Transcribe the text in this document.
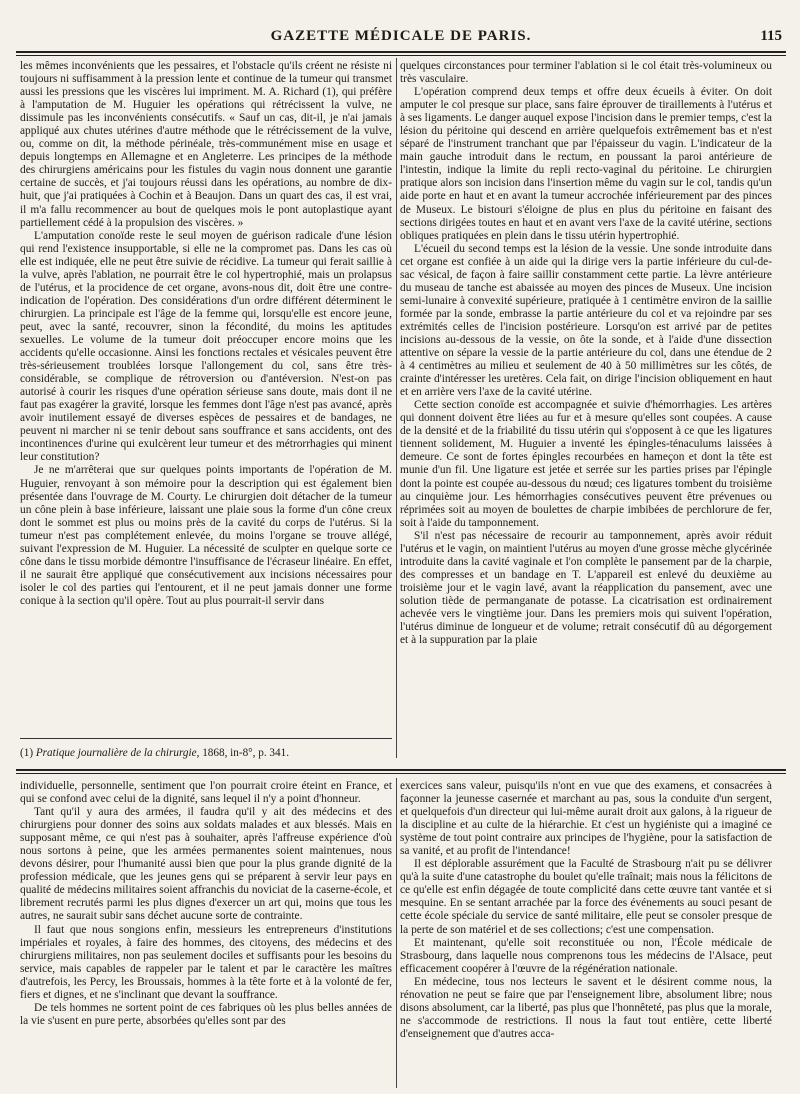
GAZETTE MÉDICALE DE PARIS.	115

les mêmes inconvénients que les pessaires, et l'obstacle qu'ils créent ne résiste ni toujours ni suffisamment à la pression lente et continue de la tumeur qui transmet aussi les pressions que les viscères lui impriment. M. A. Richard (1), qui préfère à l'amputation de M. Huguier les opérations qui rétrécissent la vulve, ne dissimule pas les inconvénients consécutifs. « Sauf un cas, dit-il, je n'ai jamais appliqué aux chutes utérines d'autre méthode que le rétrécissement de la vulve, ou, comme on dit, la méthode périnéale, très-communément mise en usage et depuis longtemps en Allemagne et en Angleterre. Les principes de la méthode des chirurgiens américains pour les fistules du vagin nous donnent une garantie certaine de succès, et j'ai toujours réussi dans les opérations, au nombre de dix-huit, que j'ai pratiquées à Cochin et à Beaujon. Dans un quart des cas, il est vrai, il m'a fallu recommencer au bout de quelques mois le pont autoplastique ayant partiellement cédé à la propulsion des viscères. »

L'amputation conoïde reste le seul moyen de guérison radicale d'une lésion qui rend l'existence insupportable, si elle ne la compromet pas. Dans les cas où elle est indiquée, elle ne peut être suivie de récidive. La tumeur qui ferait saillie à la vulve, après l'ablation, ne pourrait être le col hypertrophié, mais un prolapsus de l'utérus, et la procidence de cet organe, avons-nous dit, doit être une contre-indication de l'opération. Des considérations d'un ordre différent déterminent le chirurgien. La principale est l'âge de la femme qui, lorsqu'elle est encore jeune, peut, avec la santé, recouvrer, sinon la fécondité, du moins les aptitudes sexuelles. Le volume de la tumeur doit préoccuper encore moins que les accidents qu'elle occasionne. Ainsi les fonctions rectales et vésicales peuvent être très-sérieusement troublées lorsque l'allongement du col, sans être très-considérable, se complique de rétroversion ou d'antéversion. N'est-on pas autorisé à courir les risques d'une opération sérieuse sans doute, mais dont il ne faut pas exagérer la gravité, lorsque les femmes dont l'âge n'est pas avancé, après avoir inutilement essayé de diverses espèces de pessaires et de bandages, ne peuvent ni marcher ni se tenir debout sans souffrance et sans accidents, ont des incontinences d'urine qui exulcèrent leur tumeur et des métrorrhagies qui minent leur constitution?

Je ne m'arrêterai que sur quelques points importants de l'opération de M. Huguier, renvoyant à son mémoire pour la description qui est également bien présentée dans l'ouvrage de M. Courty. Le chirurgien doit détacher de la tumeur un cône plein à base inférieure, laissant une plaie sous la forme d'un cône creux dont le sommet est plus ou moins près de la cavité du corps de l'utérus. Si la tumeur n'est pas complétement enlevée, du moins l'organe se trouve allégé, suivant l'expression de M. Huguier. La nécessité de sculpter en quelque sorte ce cône dans le tissu morbide démontre l'insuffisance de l'écraseur linéaire. En effet, il ne saurait être appliqué que consécutivement aux incisions nécessaires pour isoler le col des parties qui l'entourent, et il ne peut jamais donner une forme conique à la section qu'il opère. Tout au plus pourrait-il servir dans

quelques circonstances pour terminer l'ablation si le col était très-volumineux ou très vasculaire.

L'opération comprend deux temps et offre deux écueils à éviter. On doit amputer le col presque sur place, sans faire éprouver de tiraillements à l'utérus et à ses ligaments. Le danger auquel expose l'incision dans le premier temps, c'est la lésion du péritoine qui descend en arrière quelquefois extrêmement bas et n'est séparé de l'instrument tranchant que par l'épaisseur du vagin. L'indicateur de la main gauche introduit dans le rectum, en poussant la paroi antérieure de l'intestin, indique la limite du repli recto-vaginal du péritoine. Le chirurgien pratique alors son incision dans l'insertion même du vagin sur le col, tandis qu'un aide porte en haut et en avant la tumeur accrochée inférieurement par des pinces de Museux. Le bistouri s'éloigne de plus en plus du péritoine en faisant des sections dirigées toutes en haut et en avant vers l'axe de la cavité utérine, sections obliques pratiquées en plein dans le tissu utérin hypertrophié.

L'écueil du second temps est la lésion de la vessie. Une sonde introduite dans cet organe est confiée à un aide qui la dirige vers la partie inférieure du cul-de-sac vésical, de façon à faire saillir constamment cette partie. La lèvre antérieure du museau de tanche est abaissée au moyen des pinces de Museux. Une incision semi-lunaire à convexité supérieure, pratiquée à 1 centimètre environ de la saillie formée par la sonde, embrasse la partie antérieure du col et va rejoindre par ses extrémités celles de l'incision postérieure. Lorsqu'on est arrivé par de petites incisions au-dessous de la vessie, on ôte la sonde, et à l'aide d'une dissection attentive on sépare la vessie de la partie antérieure du col, dans une étendue de 2 à 4 centimètres au milieu et seulement de 40 à 50 millimètres sur les côtés, de crainte d'intéresser les uretères. Cela fait, on dirige l'incision obliquement en haut et en arrière vers l'axe de la cavité utérine.

Cette section conoïde est accompagnée et suivie d'hémorrhagies. Les artères qui donnent doivent être liées au fur et à mesure qu'elles sont coupées. A cause de la densité et de la friabilité du tissu utérin qui s'opposent à ce que les ligatures tiennent solidement, M. Huguier a inventé les épingles-ténaculums laissées à demeure. Ce sont de fortes épingles recourbées en hameçon et dont la tête est munie d'un fil. Une ligature est jetée et serrée sur les parties prises par l'épingle dont la pointe est coupée au-dessous du nœud; ces ligatures tombent du troisième au cinquième jour. Les hémorrhagies consécutives peuvent être prévenues ou réprimées soit au moyen de boulettes de charpie imbibées de perchlorure de fer, soit à l'aide du tamponnement.

S'il n'est pas nécessaire de recourir au tamponnement, après avoir réduit l'utérus et le vagin, on maintient l'utérus au moyen d'une grosse mèche glycérinée introduite dans la cavité vaginale et l'on complète le pansement par de la charpie, des compresses et un bandage en T. L'appareil est enlevé du deuxième au troisième jour et le vagin lavé, avant la réapplication du pansement, avec une solution tiède de permanganate de potasse. La cicatrisation est ordinairement achevée vers le vingtième jour. Dans les premiers mois qui suivent l'opération, l'utérus diminue de longueur et de volume; retrait consécutif dû au dégorgement et à la suppuration par la plaie

(1) Pratique journalière de la chirurgie, 1868, in-8°, p. 341.

individuelle, personnelle, sentiment que l'on pourrait croire éteint en France, et qui se confond avec celui de la dignité, sans lequel il n'y a point d'honneur.

Tant qu'il y aura des armées, il faudra qu'il y ait des médecins et des chirurgiens pour donner des soins aux soldats malades et aux blessés. Mais en supposant même, ce qui n'est pas à souhaiter, après l'affreuse expérience d'où nous sortons à peine, que les armées permanentes soient maintenues, nous devons désirer, pour l'humanité aussi bien que pour la plus grande dignité de la profession médicale, que les jeunes gens qui se préparent à servir leur pays en qualité de médecins militaires soient affranchis du noviciat de la caserne-école, et librement recrutés parmi les plus dignes d'exercer un art qui, moins que tous les autres, ne saurait subir sans déchet aucune sorte de contrainte.

Il faut que nous songions enfin, messieurs les entrepreneurs d'institutions impériales et royales, à faire des hommes, des citoyens, des médecins et des chirurgiens militaires, non pas seulement dociles et suffisants pour les besoins du service, mais capables de rappeler par le talent et par le caractère les maîtres d'autrefois, les Percy, les Broussais, hommes à la tête forte et à la volonté de fer, fiers et dignes, et ne s'inclinant que devant la souffrance.

De tels hommes ne sortent point de ces fabriques où les plus belles années de la vie s'usent en pure perte, absorbées qu'elles sont par des

exercices sans valeur, puisqu'ils n'ont en vue que des examens, et consacrées à façonner la jeunesse casernée et marchant au pas, sous la conduite d'un sergent, et quelquefois d'un directeur qui lui-même aurait droit aux galons, à la rigueur de la discipline et au culte de la hiérarchie. Et c'est un hygiéniste qui a imaginé ce système de tout point contraire aux principes de l'hygiène, pour la satisfaction de sa vanité, et au profit de l'intendance!

Il est déplorable assurément que la Faculté de Strasbourg n'ait pu se délivrer qu'à la suite d'une catastrophe du boulet qu'elle traînait; mais nous la félicitons de ce qu'elle est enfin dégagée de toute complicité dans cette œuvre tant vantée et si mesquine. En se sentant arrachée par la force des événements au souci pesant de cette école spéciale du service de santé militaire, elle peut se consoler presque de la perte de son matériel et de ses collections; c'est une compensation.

Et maintenant, qu'elle soit reconstituée ou non, l'École médicale de Strasbourg, dans laquelle nous comprenons tous les médecins de l'Alsace, peut efficacement coopérer à l'œuvre de la régénération nationale.

En médecine, tous nos lecteurs le savent et le désirent comme nous, la rénovation ne peut se faire que par l'enseignement libre, absolument libre; nous disons absolument, car la liberté, pas plus que l'honnêteté, pas plus que la morale, ne s'accommode de restrictions. Il nous la faut tout entière, cette liberté d'enseignement que d'autres acca-
